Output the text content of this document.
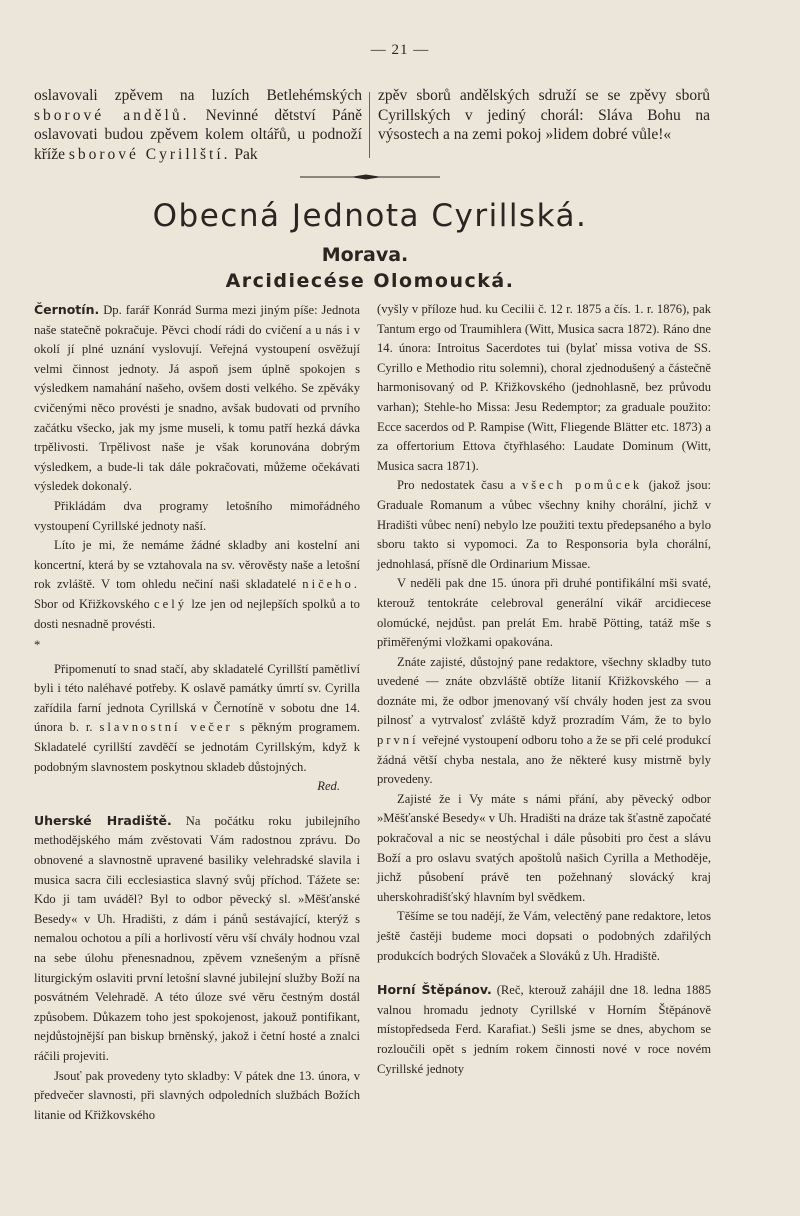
— 21 —

oslavovali zpěvem na luzích Betlehémských sborové andělů. Nevinné dětství Páně oslavovati budou zpěvem kolem oltářů, u podnoží kříže sborové Cyrillští. Pak

zpěv sborů andělských sdruží se se zpěvy sborů Cyrillských v jediný chorál: Sláva Bohu na výsostech a na zemi pokoj »lidem dobré vůle!«

Obecná Jednota Cyrillská.
Morava.
Arcidiecése Olomoucká.

Černotín. Dp. farář Konrád Surma mezi jiným píše: Jednota naše statečně pokračuje. Pěvci chodí rádi do cvičení a u nás i v okolí jí plné uznání vyslovují. Veřejná vystoupení osvěžují velmi činnost jednoty. Já aspoň jsem úplně spokojen s výsledkem namahání našeho, ovšem dosti velkého. Se zpěváky cvičenými něco provésti je snadno, avšak budovati od prvního začátku všecko, jak my jsme museli, k tomu patří hezká dávka trpělivosti. Trpělivost naše je však korunována dobrým výsledkem, a bude-li tak dále pokračovati, můžeme očekávati výsledek dokonalý.

Přikládám dva programy letošního mimořádného vystoupení Cyrillské jednoty naší.

Líto je mi, že nemáme žádné skladby ani kostelní ani koncertní, která by se vztahovala na sv. věrověsty naše a letošní rok zvláště. V tom ohledu nečiní naši skladatelé ničeho. Sbor od Křižkovského celý lze jen od nejlepších spolků a to dosti nesnadně provésti.

*

Připomenutí to snad stačí, aby skladatelé Cyrillští pamětliví byli i této naléhavé potřeby. K oslavě památky úmrtí sv. Cyrilla zařídila farní jednota Cyrillská v Černotíně v sobotu dne 14. února b. r. slavnostní večer s pěkným programem. Skladatelé cyrillští zavděčí se jednotám Cyrillským, když k podobným slavnostem poskytnou skladeb důstojných.

Red.

Uherské Hradiště. Na počátku roku jubilejního methodějského mám zvěstovati Vám radostnou zprávu. Do obnovené a slavnostně upravené basiliky velehradské slavila i musica sacra čili ecclesiastica slavný svůj příchod. Tážete se: Kdo ji tam uváděl? Byl to odbor pěvecký sl. »Měšťanské Besedy« v Uh. Hradišti, z dám i pánů sestávající, kterýž s nemalou ochotou a píli a horlivostí věru vší chvály hodnou vzal na sebe úlohu přenesnadnou, zpěvem vznešeným a přísně liturgickým oslaviti první letošní slavné jubilejní služby Boží na posvátném Velehradě. A této úloze své věru čestným dostál způsobem. Důkazem toho jest spokojenost, jakouž pontifikant, nejdůstojnější pan biskup brněnský, jakož i četní hosté a znalci ráčili projeviti.

Jsouť pak provedeny tyto skladby: V pátek dne 13. února, v předvečer slavnosti, při slavných odpoledních službách Božích litanie od Křižkovského

(vyšly v příloze hud. ku Cecilii č. 12 r. 1875 a čís. 1. r. 1876), pak Tantum ergo od Traumihlera (Witt, Musica sacra 1872). Ráno dne 14. února: Introitus Sacerdotes tui (bylať missa votiva de SS. Cyrillo e Methodio ritu solemni), choral zjednodušený a částečně harmonisovaný od P. Křižkovského (jednohlasně, bez průvodu varhan); Stehle-ho Missa: Jesu Redemptor; za graduale použito: Ecce sacerdos od P. Rampise (Witt, Fliegende Blätter etc. 1873) a za offertorium Ettova čtyřhlasého: Laudate Dominum (Witt, Musica sacra 1871).

Pro nedostatek času a všech pomůcek (jakož jsou: Graduale Romanum a vůbec všechny knihy chorální, jichž v Hradišti vůbec není) nebylo lze použiti textu předepsaného a bylo sboru takto si vypomoci. Za to Responsoria byla chorální, jednohlasá, přísně dle Ordinarium Missae.

V neděli pak dne 15. února při druhé pontifikální mši svaté, kterouž tentokráte celebroval generální vikář arcidiecese olomúcké, nejdůst. pan prelát Em. hrabě Pötting, tatáž mše s přiměřenými vložkami opakována.

Znáte zajisté, důstojný pane redaktore, všechny skladby tuto uvedené — znáte obzvláště obtíže litanií Křižkovského — a doznáte mi, že odbor jmenovaný vší chvály hoden jest za svou pilnosť a vytrvalosť zvláště když prozradím Vám, že to bylo první veřejné vystoupení odboru toho a že se při celé produkcí žádná větší chyba nestala, ano že některé kusy mistrně byly provedeny.

Zajisté že i Vy máte s námi přání, aby pěvecký odbor »Měšťanské Besedy« v Uh. Hradišti na dráze tak šťastně započaté pokračoval a nic se neostýchal i dále působiti pro čest a slávu Boží a pro oslavu svatých apoštolů našich Cyrilla a Methoděje, jichž působení právě ten požehnaný slovácký kraj uherskohradišťský hlavním byl svědkem.

Těšíme se tou nadějí, že Vám, velectěný pane redaktore, letos ještě častěji budeme moci dopsati o podobných zdařilých produkcích bodrých Slovaček a Slováků z Uh. Hradiště.

Horní Štěpánov. (Reč, kterouž zahájil dne 18. ledna 1885 valnou hromadu jednoty Cyrillské v Horním Štěpánově místopředseda Ferd. Karafiat.) Sešli jsme se dnes, abychom se rozloučili opět s jedním rokem činnosti nové v roce novém Cyrillské jednoty
